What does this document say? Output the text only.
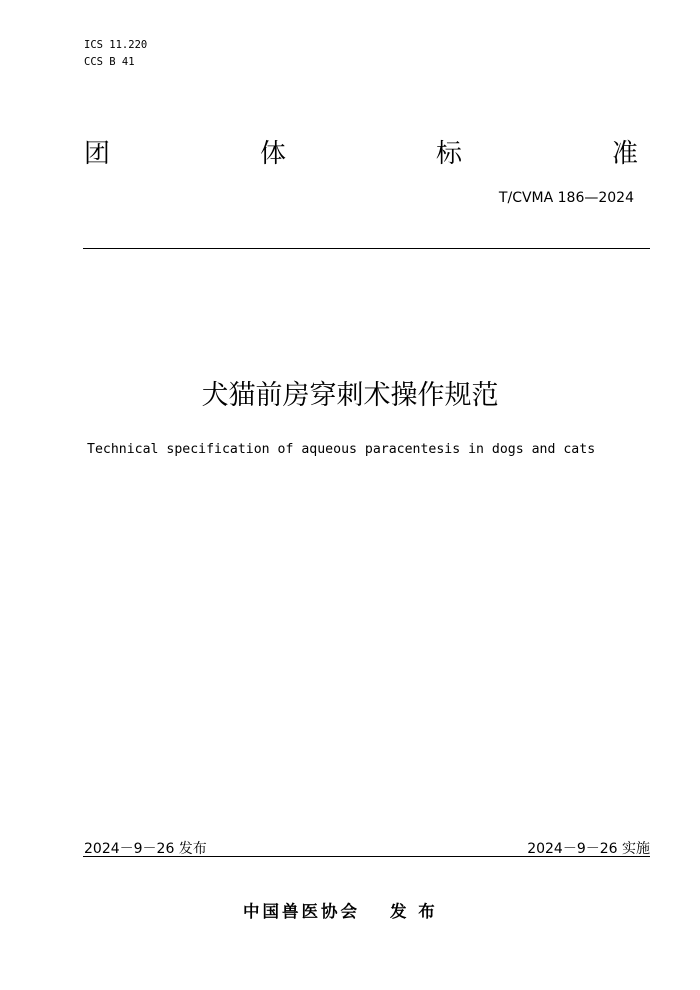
ICS 11.220
CCS B 41
团	体	标	准
T/CVMA 186—2024
犬猫前房穿刺术操作规范
Technical specification of aqueous paracentesis in dogs and cats
2024－9－26 发布	2024－9－26 实施
中国兽医协会 发 布
